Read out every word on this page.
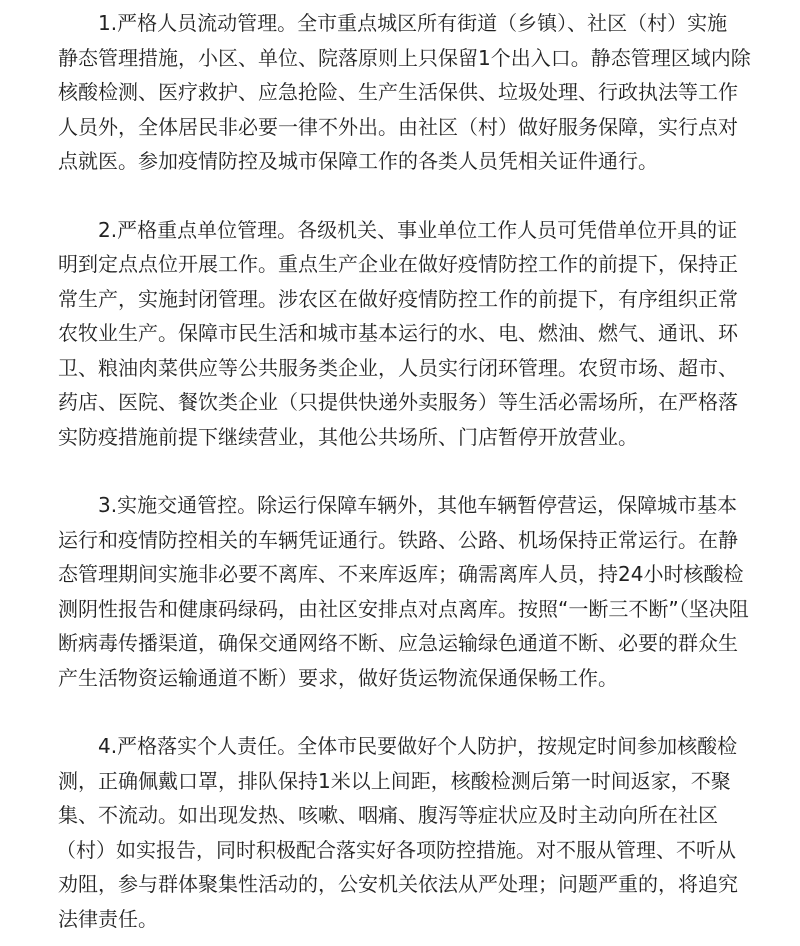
1.严格人员流动管理。全市重点城区所有街道（乡镇）、社区（村）实施
静态管理措施，小区、单位、院落原则上只保留1个出入口。静态管理区域内除
核酸检测、医疗救护、应急抢险、生产生活保供、垃圾处理、行政执法等工作
人员外，全体居民非必要一律不外出。由社区（村）做好服务保障，实行点对
点就医。参加疫情防控及城市保障工作的各类人员凭相关证件通行。
2.严格重点单位管理。各级机关、事业单位工作人员可凭借单位开具的证
明到定点点位开展工作。重点生产企业在做好疫情防控工作的前提下，保持正
常生产，实施封闭管理。涉农区在做好疫情防控工作的前提下，有序组织正常
农牧业生产。保障市民生活和城市基本运行的水、电、燃油、燃气、通讯、环
卫、粮油肉菜供应等公共服务类企业，人员实行闭环管理。农贸市场、超市、
药店、医院、餐饮类企业（只提供快递外卖服务）等生活必需场所，在严格落
实防疫措施前提下继续营业，其他公共场所、门店暂停开放营业。
3.实施交通管控。除运行保障车辆外，其他车辆暂停营运，保障城市基本
运行和疫情防控相关的车辆凭证通行。铁路、公路、机场保持正常运行。在静
态管理期间实施非必要不离库、不来库返库；确需离库人员，持24小时核酸检
测阴性报告和健康码绿码，由社区安排点对点离库。按照“一断三不断”（坚决阻
断病毒传播渠道，确保交通网络不断、应急运输绿色通道不断、必要的群众生
产生活物资运输通道不断）要求，做好货运物流保通保畅工作。
4.严格落实个人责任。全体市民要做好个人防护，按规定时间参加核酸检
测，正确佩戴口罩，排队保持1米以上间距，核酸检测后第一时间返家，不聚
集、不流动。如出现发热、咳嗽、咽痛、腹泻等症状应及时主动向所在社区
（村）如实报告，同时积极配合落实好各项防控措施。对不服从管理、不听从
劝阻，参与群体聚集性活动的，公安机关依法从严处理；问题严重的，将追究
法律责任。
